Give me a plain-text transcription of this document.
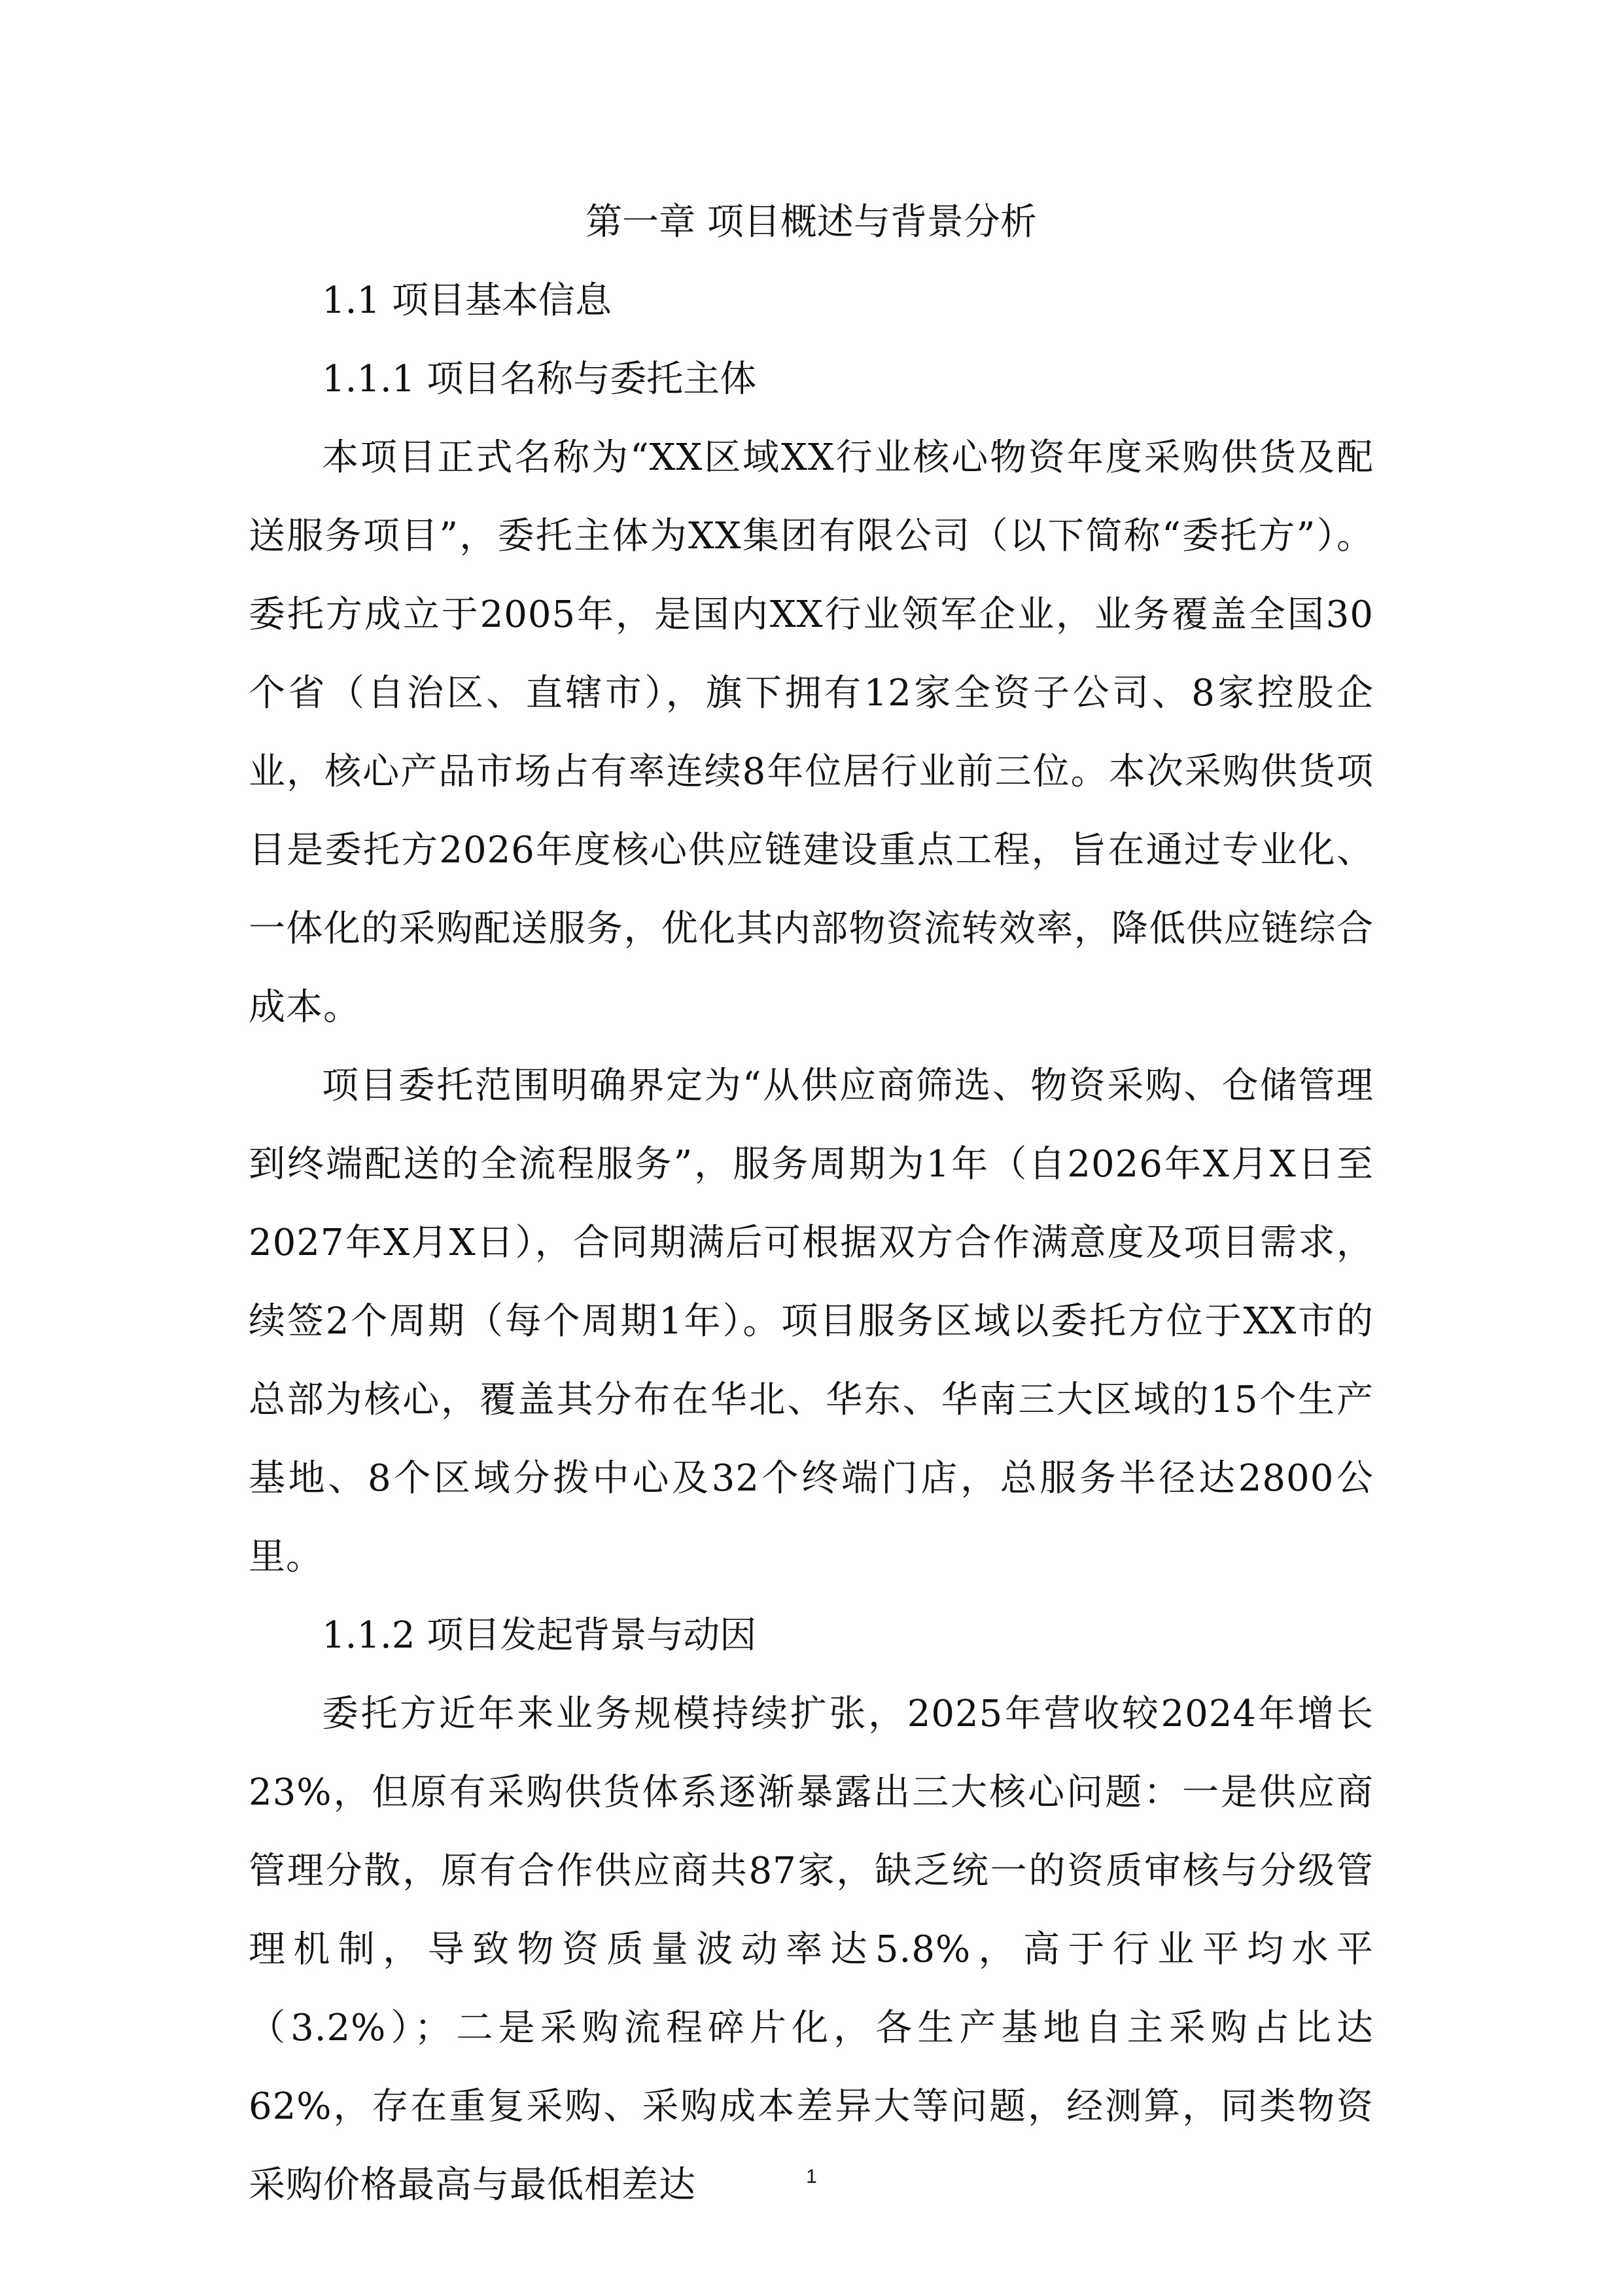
第一章 项目概述与背景分析
1.1 项目基本信息
1.1.1 项目名称与委托主体

本项目正式名称为“XX区域XX行业核心物资年度采购供货及配送服务项目”，委托主体为XX集团有限公司（以下简称“委托方”）。委托方成立于2005年，是国内XX行业领军企业，业务覆盖全国30个省（自治区、直辖市），旗下拥有12家全资子公司、8家控股企业，核心产品市场占有率连续8年位居行业前三位。本次采购供货项目是委托方2026年度核心供应链建设重点工程，旨在通过专业化、一体化的采购配送服务，优化其内部物资流转效率，降低供应链综合成本。

项目委托范围明确界定为“从供应商筛选、物资采购、仓储管理到终端配送的全流程服务”，服务周期为1年（自2026年X月X日至2027年X月X日），合同期满后可根据双方合作满意度及项目需求，续签2个周期（每个周期1年）。项目服务区域以委托方位于XX市的总部为核心，覆盖其分布在华北、华东、华南三大区域的15个生产基地、8个区域分拨中心及32个终端门店，总服务半径达2800公里。

1.1.2 项目发起背景与动因

委托方近年来业务规模持续扩张，2025年营收较2024年增长23%，但原有采购供货体系逐渐暴露出三大核心问题：一是供应商管理分散，原有合作供应商共87家，缺乏统一的资质审核与分级管理机制，导致物资质量波动率达5.8%，高于行业平均水平（3.2%）；二是采购流程碎片化，各生产基地自主采购占比达62%，存在重复采购、采购成本差异大等问题，经测算，同类物资采购价格最高与最低相差达	1
